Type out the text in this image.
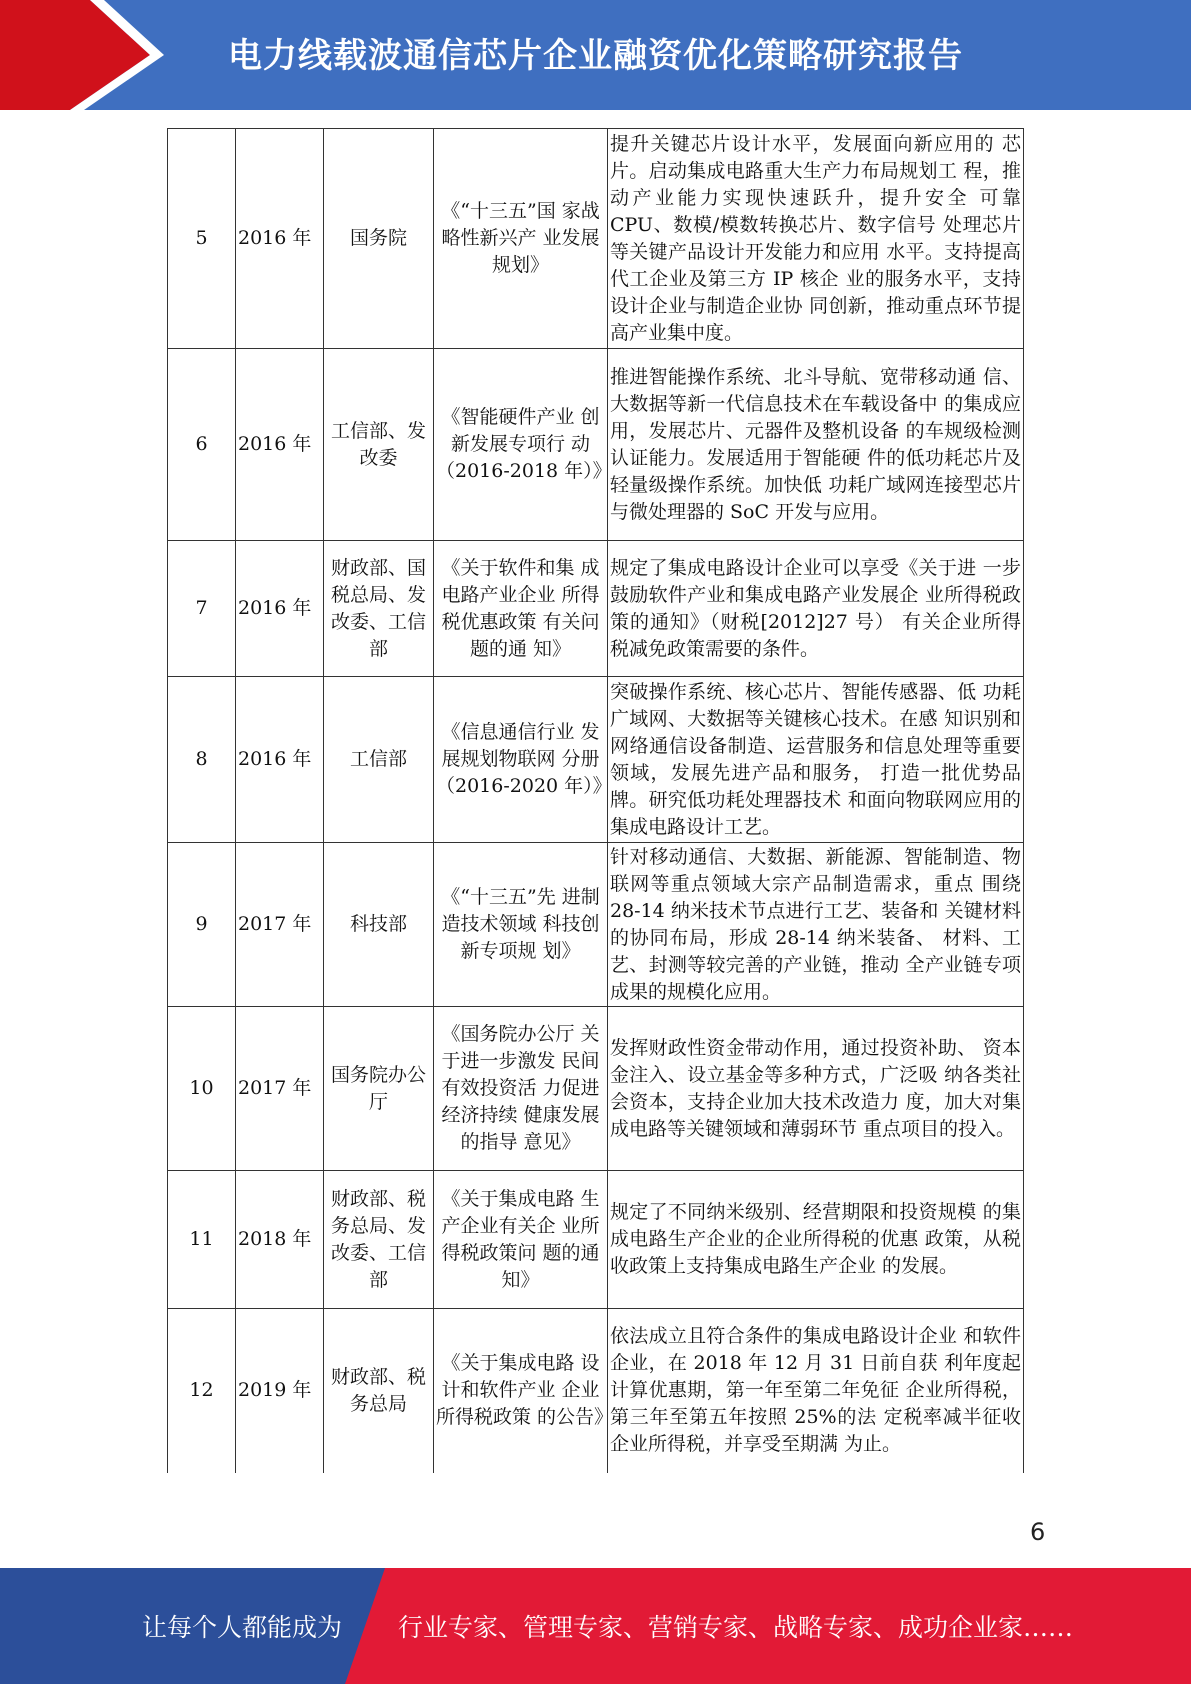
电力线载波通信芯片企业融资优化策略研究报告
5	2016 年	国务院	《“十三五”国 家战略性新兴产 业发展规划》	提升关键芯片设计水平，发展面向新应用的 芯片。启动集成电路重大生产力布局规划工 程，推动产业能力实现快速跃升，提升安全 可靠 CPU、数模/模数转换芯片、数字信号 处理芯片等关键产品设计开发能力和应用 水平。支持提高代工企业及第三方 IP 核企 业的服务水平，支持设计企业与制造企业协 同创新，推动重点环节提高产业集中度。
6	2016 年	工信部、发改委	《智能硬件产业 创新发展专项行 动（2016-2018 年）》	推进智能操作系统、北斗导航、宽带移动通 信、大数据等新一代信息技术在车载设备中 的集成应用，发展芯片、元器件及整机设备 的车规级检测认证能力。发展适用于智能硬 件的低功耗芯片及轻量级操作系统。加快低 功耗广域网连接型芯片与微处理器的 SoC 开发与应用。
7	2016 年	财政部、国税总局、发改委、工信部	《关于软件和集 成电路产业企业 所得税优惠政策 有关问题的通 知》	规定了集成电路设计企业可以享受《关于进 一步鼓励软件产业和集成电路产业发展企 业所得税政策的通知》（财税[2012]27 号） 有关企业所得税减免政策需要的条件。
8	2016 年	工信部	《信息通信行业 发展规划物联网 分册（2016-2020 年）》	突破操作系统、核心芯片、智能传感器、低 功耗广域网、大数据等关键核心技术。在感 知识别和网络通信设备制造、运营服务和信息处理等重要领域，发展先进产品和服务， 打造一批优势品牌。研究低功耗处理器技术 和面向物联网应用的集成电路设计工艺。
9	2017 年	科技部	《“十三五”先 进制造技术领域 科技创新专项规 划》	针对移动通信、大数据、新能源、智能制造、物联网等重点领域大宗产品制造需求，重点 围绕 28-14 纳米技术节点进行工艺、装备和 关键材料的协同布局，形成 28-14 纳米装备、 材料、工艺、封测等较完善的产业链，推动 全产业链专项成果的规模化应用。
10	2017 年	国务院办公厅	《国务院办公厅 关于进一步激发 民间有效投资活 力促进经济持续 健康发展的指导 意见》	发挥财政性资金带动作用，通过投资补助、 资本金注入、设立基金等多种方式，广泛吸 纳各类社会资本，支持企业加大技术改造力 度，加大对集成电路等关键领域和薄弱环节 重点项目的投入。
11	2018 年	财政部、税务总局、发改委、工信部	《关于集成电路 生产企业有关企 业所得税政策问 题的通知》	规定了不同纳米级别、经营期限和投资规模 的集成电路生产企业的企业所得税的优惠 政策，从税收政策上支持集成电路生产企业 的发展。
12	2019 年	财政部、税务总局	《关于集成电路 设计和软件产业 企业所得税政策 的公告》	依法成立且符合条件的集成电路设计企业 和软件企业，在 2018 年 12 月 31 日前自获 利年度起计算优惠期，第一年至第二年免征 企业所得税，第三年至第五年按照 25%的法 定税率减半征收企业所得税，并享受至期满 为止。
6
让每个人都能成为 行业专家、管理专家、营销专家、战略专家、成功企业家……
